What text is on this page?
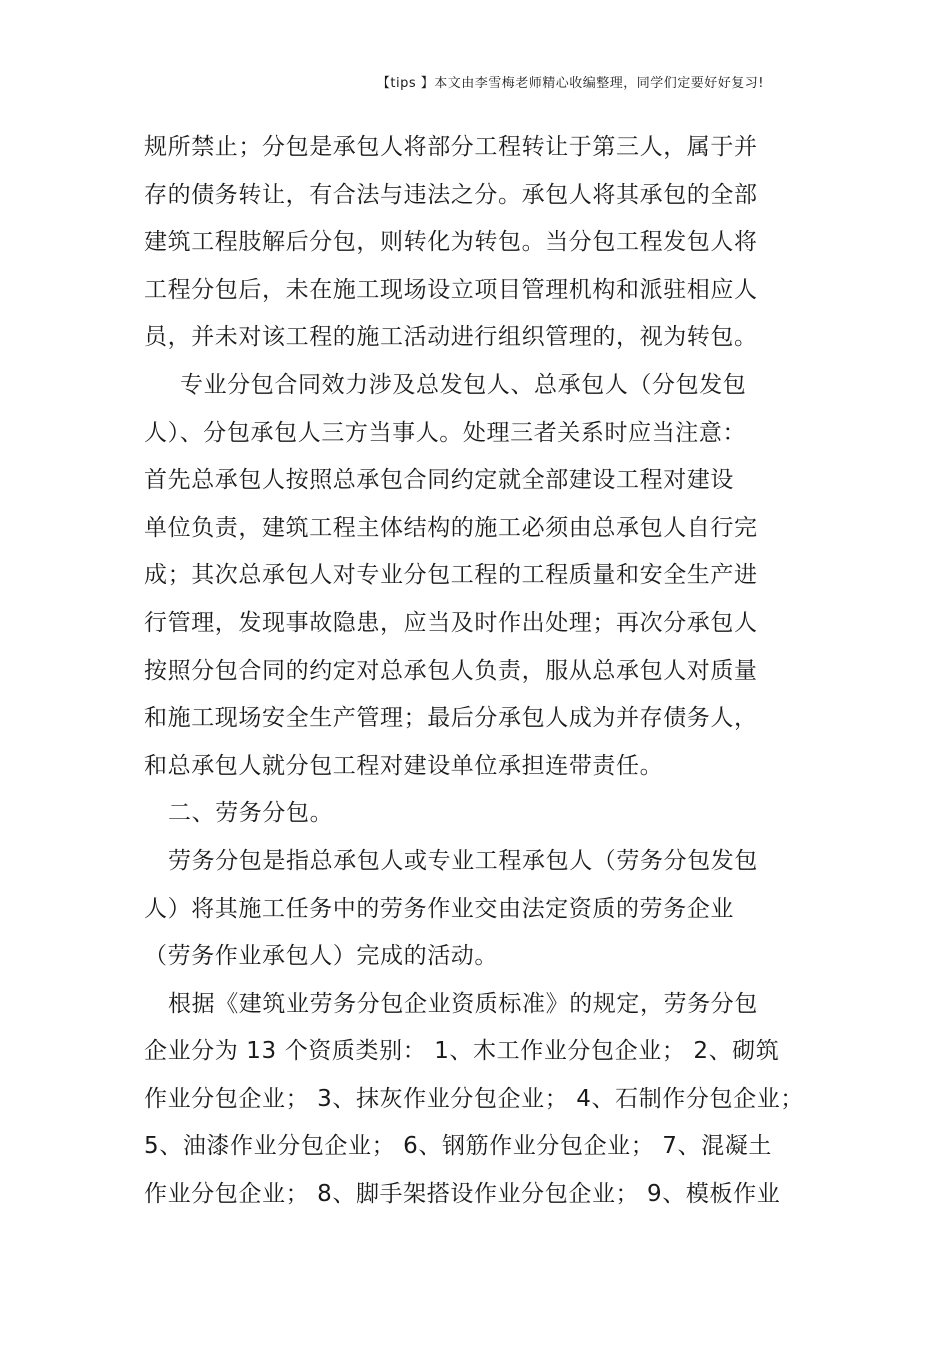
【tips 】本文由李雪梅老师精心收编整理，同学们定要好好复习!
规所禁止；分包是承包人将部分工程转让于第三人，属于并
存的债务转让，有合法与违法之分。承包人将其承包的全部
建筑工程肢解后分包，则转化为转包。当分包工程发包人将
工程分包后，未在施工现场设立项目管理机构和派驻相应人
员，并未对该工程的施工活动进行组织管理的，视为转包。
专业分包合同效力涉及总发包人、总承包人（分包发包
人）、分包承包人三方当事人。处理三者关系时应当注意：
首先总承包人按照总承包合同约定就全部建设工程对建设
单位负责，建筑工程主体结构的施工必须由总承包人自行完
成；其次总承包人对专业分包工程的工程质量和安全生产进
行管理，发现事故隐患，应当及时作出处理；再次分承包人
按照分包合同的约定对总承包人负责，服从总承包人对质量
和施工现场安全生产管理；最后分承包人成为并存债务人，
和总承包人就分包工程对建设单位承担连带责任。
二、劳务分包。
劳务分包是指总承包人或专业工程承包人（劳务分包发包
人）将其施工任务中的劳务作业交由法定资质的劳务企业
（劳务作业承包人）完成的活动。
根据《建筑业劳务分包企业资质标准》的规定，劳务分包
企业分为 13 个资质类别： 1、木工作业分包企业； 2、砌筑
作业分包企业； 3、抹灰作业分包企业； 4、石制作分包企业；
5、油漆作业分包企业； 6、钢筋作业分包企业； 7、混凝土
作业分包企业； 8、脚手架搭设作业分包企业； 9、模板作业
